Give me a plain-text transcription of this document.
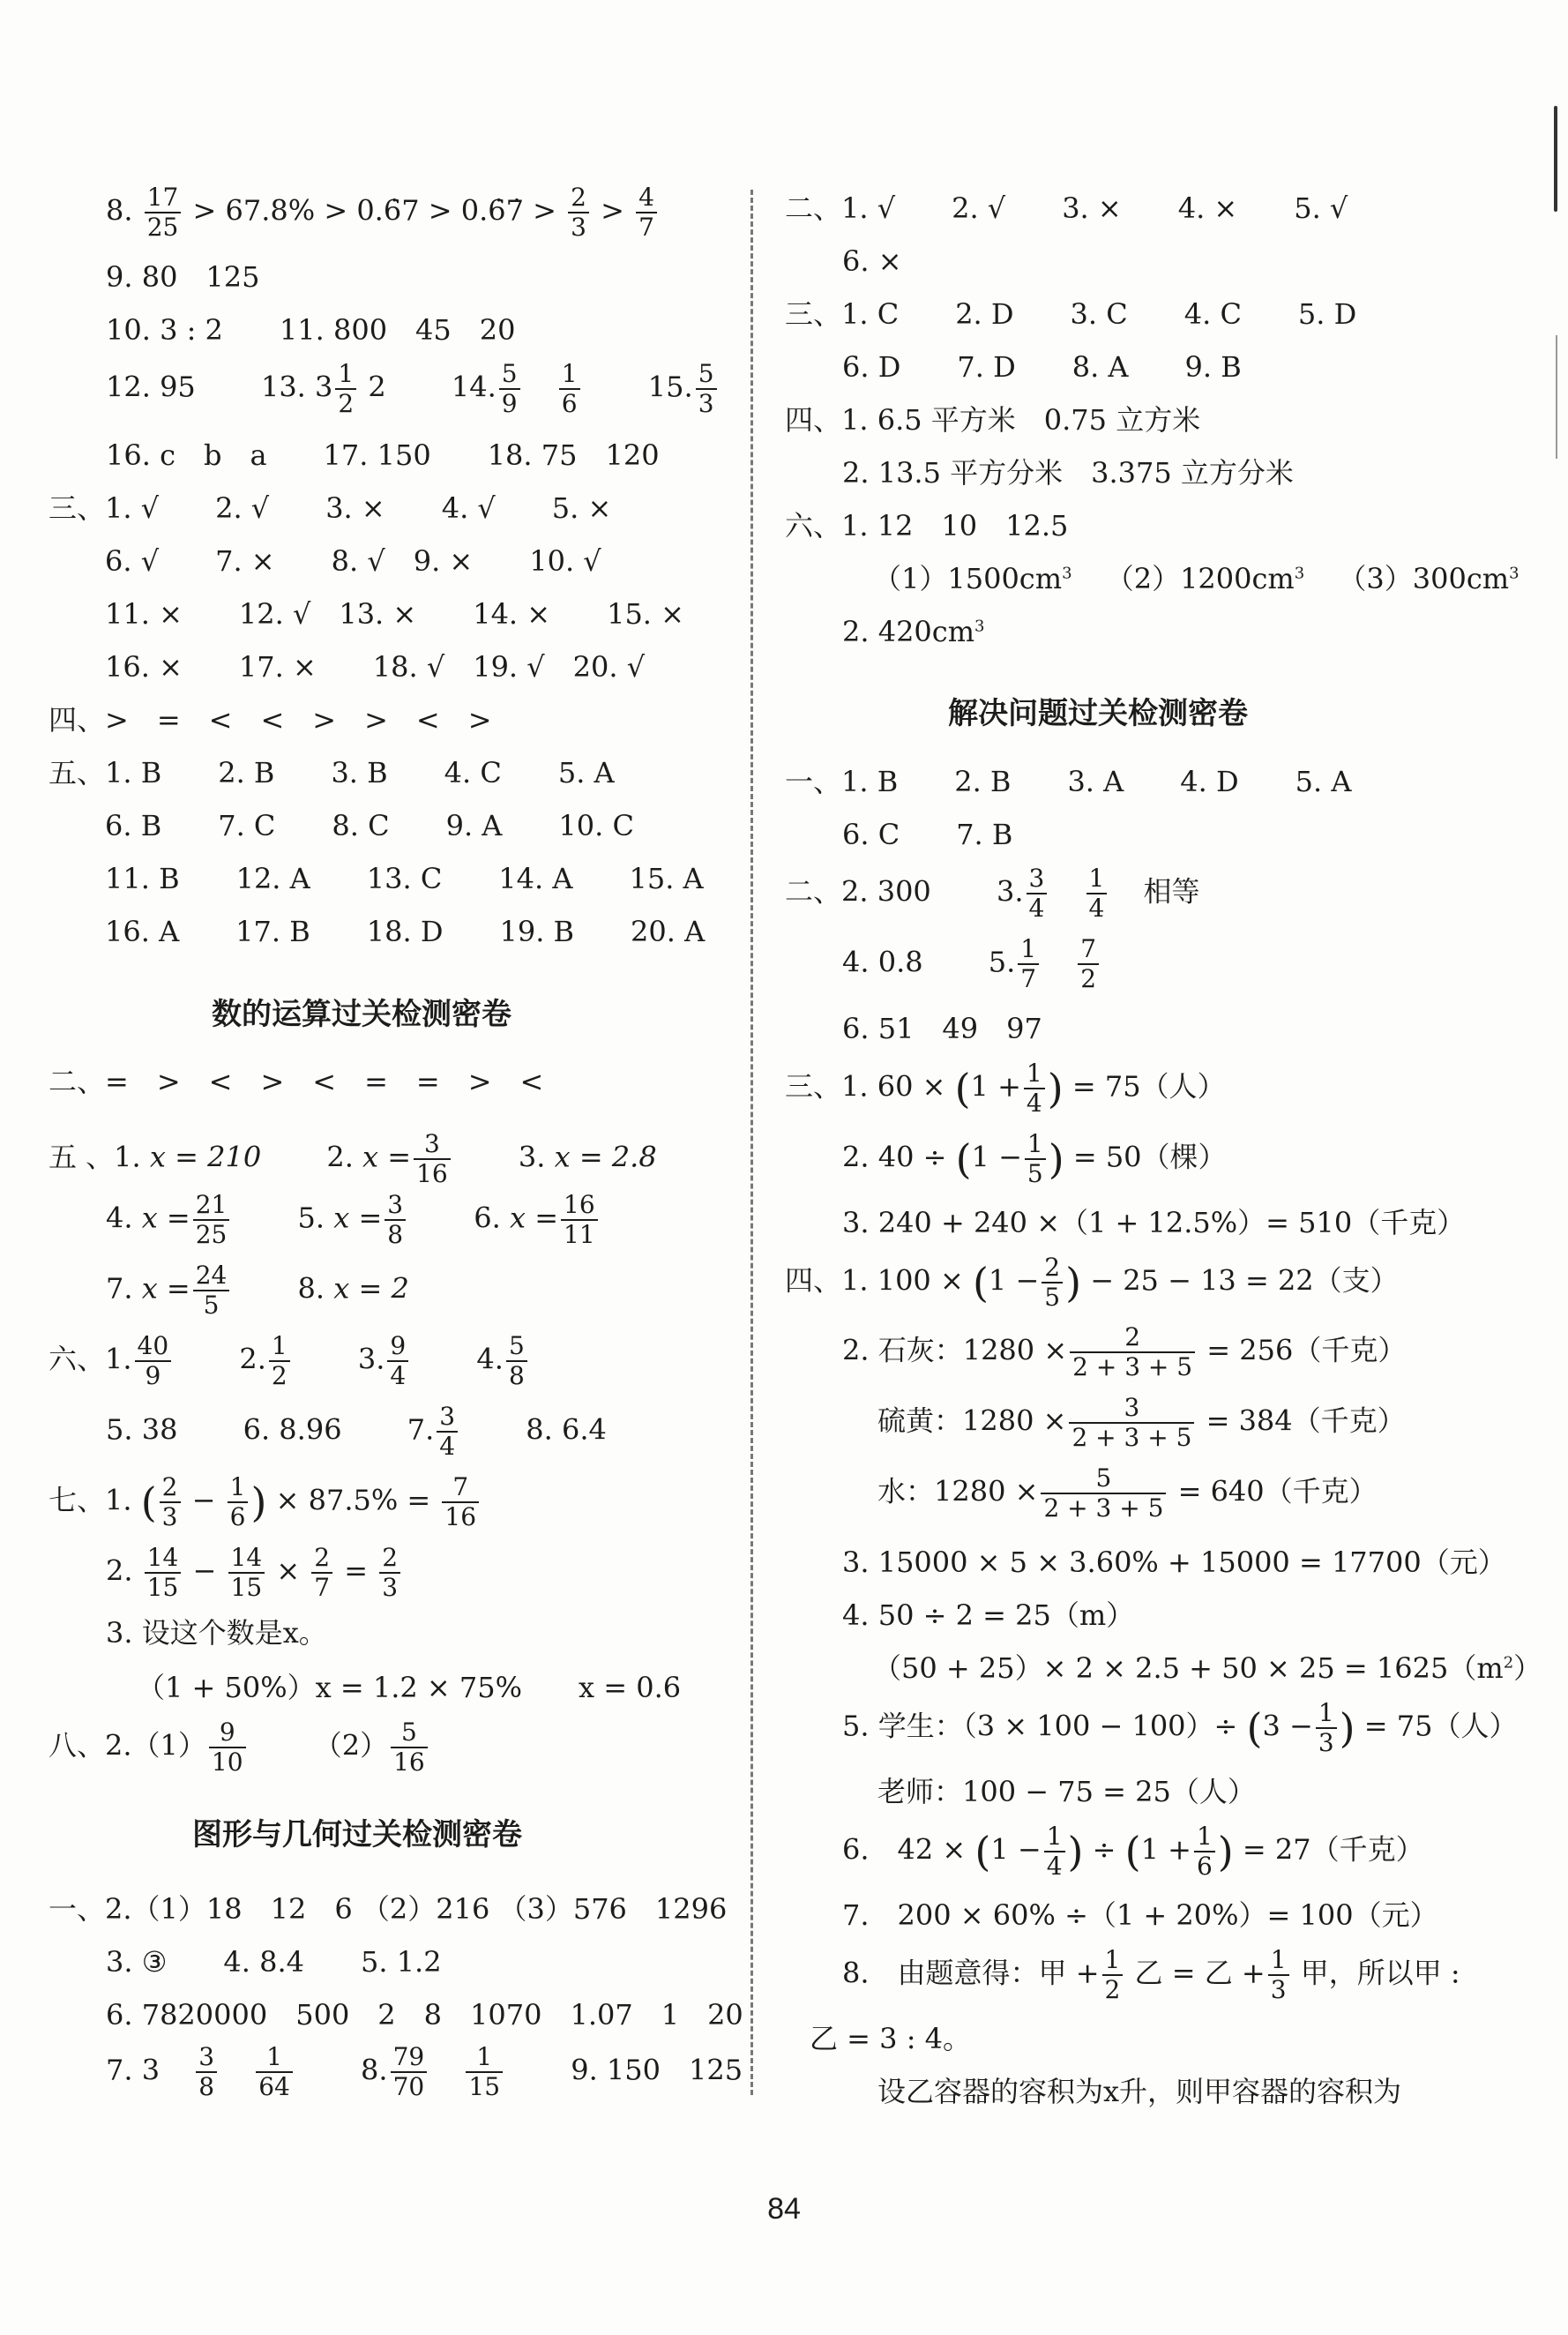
8. $\frac{17}{25} > 67.8\%$ > 0.6̇7 > 0.6̇7̇ > $\frac{2}{3} > \frac{4}{7}$
9. 80　125
10. 3 : 2　　11. 800　45　20
12. 95 13. $3 \frac{1}{2} 2$ 14. $\frac{5}{9}$
$\frac{1}{6} 15$. $\frac{5}{3}$
16. c　b　a　　17. 150　　18. 75　120
三、1. √　　2. √　　3. ×　　4. √　　5. ×
　　6. √　　7. ×　　8. √　9. ×　　10. √
　　11. ×　　12. √　13. ×　　14. ×　　15. ×
　　16. ×　　17. ×　　18. √　19. √　20. √
四、>　=　<　<　>　>　<　>
五、1. B　　2. B　　3. B　　4. C　　5. A
　　6. B　　7. C　　8. C　　9. A　　10. C
　　11. B　　12. A　　13. C　　14. A　　15. A
　　16. A　　17. B　　18. D　　19. B　　20. A
数的运算过关检测密卷
二、=　>　<　>　<　=　=　>　<
五 、1. x = 210 2. $x = \frac{3}{16} 3$. x = 2.8
4. $x = \frac{21}{25} 5$. $x = \frac{3}{8} 6$. $x = \frac{16}{11}$
7. $x = \frac{24}{5} 8$. x = 2
六、1. $\frac{40}{9} 2$. $\frac{1}{2} 3$. $\frac{9}{4} 4$. $\frac{5}{8}$
5. 38 6. 8.96 7. $\frac{3}{4} 8$. 6.4
七、1. ( $\frac{2}{3} - \frac{1}{6}$ ) × $87.5\% = \frac{7}{16}$
2. $\frac{14}{15} - \frac{14}{15} \times \frac{2}{7} = \frac{2}{3}$
3. 设这个数是x。
（1 + 50%）x = 1.2 × 75%　　x = 0.6
八、$2.(1) \frac{9}{10} (2) \frac{5}{16}$
图形与几何过关检测密卷
一、2.（1）18　12　6 （2）216 （3）576　1296
3. ③　　4. 8.4　　5. 1.2
6. 7820000　500　2　8　1070　1.07　1　20
7. $3 \frac{3}{8}$
$\frac{1}{64} 8$. $\frac{79}{70}$
$\frac{1}{15} 9$. 150　125
二、1. √　　2. √　　3. ×　　4. ×　　5. √
6. ×
三、1. C　　2. D　　3. C　　4. C　　5. D
6. D　　7. D　　8. A　　9. B
四、1. 6.5 平方米　0.75 立方米
2. 13.5 平方分米　3.375 立方分米
六、1. 12　10　12.5
$(1)1500cm^3$ $(2)1200cm^3$ $(3)300cm^3$
2. $420cm^3$
解决问题过关检测密卷
一、1. B　　2. B　　3. A　　4. D　　5. A
6. C　　7. B
二、2. 300 3. $\frac{3}{4}$
$\frac{1}{4}$ 相等
4. 0.8 5. $\frac{1}{7}$
$\frac{7}{2}$
6. 51　49　97
三、1. $60 \times (1 + \frac{1}{4}$ ) = 75（人）
2. $40 \div (1 - \frac{1}{5}$ ) = 50（棵）
3. 240 + 240 ×（1 + 12.5%）= 510（千克）
四、1. $100 \times (1 - \frac{2}{5}$ ) − 25 − 13 = 22（支）
2. 石灰：$1280 \times \frac{2}{2 + 3 + 5} = 256$（千克）
硫黄：$1280 \times \frac{3}{2 + 3 + 5} = 384$（千克）
水：$1280 \times \frac{5}{2 + 3 + 5} = 640$（千克）
3. 15000 × 5 × 3.60% + 15000 = 17700（元）
4. 50 ÷ 2 = 25（m）
$(50 + 25)\times 2 \times 2.5 + 50 \times 25 = 1625(m^2)$
5. 学生：$(3 \times 100 - 100)\div (3 - \frac{1}{3}$ ) = 75（人）
老师：100 − 75 = 25（人）
6.　$42 \times (1 - \frac{1}{4}$ ) ÷ ($1 + \frac{1}{6}$ ) = 27（千克）
7.　200 × 60% ÷（1 + 20%）= 100（元）
8.　由题意得：甲 + $\frac{1}{2}$ 乙 = 乙 + $\frac{1}{3}$ 甲，所以甲 :
乙 = 3 : 4。
设乙容器的容积为x升，则甲容器的容积为
84
